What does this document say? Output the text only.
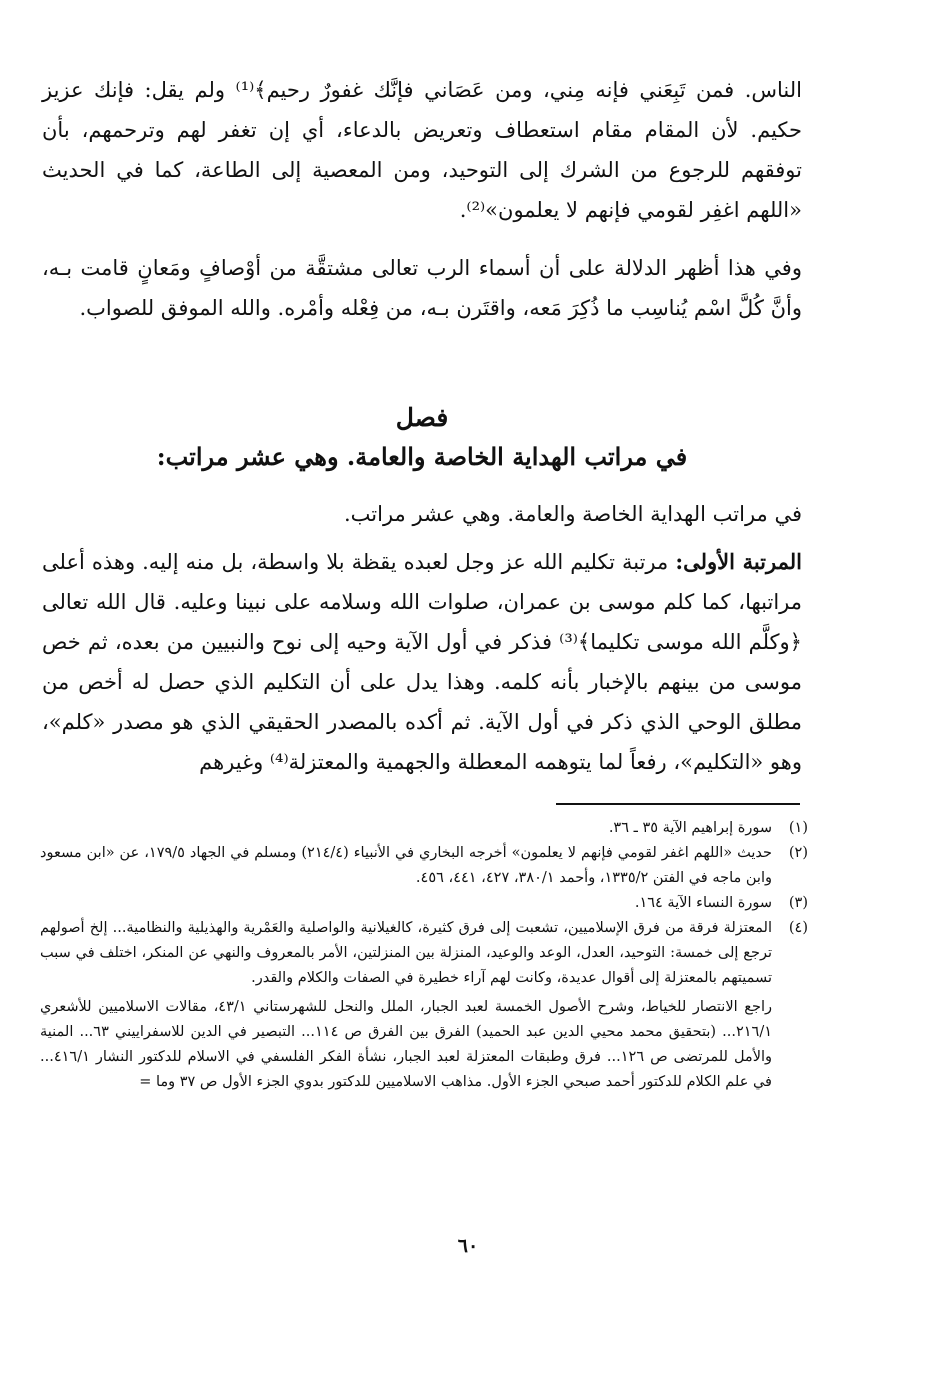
الناس. فمن تَبِعَني فإنه مِني، ومن عَصَاني فإنَّك غفورٌ رحيم﴾⁽¹⁾ ولم يقل: فإنك عزيز حكيم. لأن المقام مقام استعطاف وتعريض بالدعاء، أي إن تغفر لهم وترحمهم، بأن توفقهم للرجوع من الشرك إلى التوحيد، ومن المعصية إلى الطاعة، كما في الحديث «اللهم اغفِر لقومي فإنهم لا يعلمون»⁽²⁾.

وفي هذا أظهر الدلالة على أن أسماء الرب تعالى مشتقَّة من أوْصافٍ ومَعانٍ قامت بـه، وأنَّ كُلَّ اسْم يُناسِب ما ذُكِرَ مَعه، واقتَرن بـه، من فِعْله وأمْره. والله الموفق للصواب.

فصل

في مراتب الهداية الخاصة والعامة. وهي عشر مراتب:

في مراتب الهداية الخاصة والعامة. وهي عشر مراتب.

المرتبة الأولى: مرتبة تكليم الله عز وجل لعبده يقظة بلا واسطة، بل منه إليه. وهذه أعلى مراتبها، كما كلم موسى بن عمران، صلوات الله وسلامه على نبينا وعليه. قال الله تعالى ﴿وكلَّم الله موسى تكليما﴾⁽³⁾ فذكر في أول الآية وحيه إلى نوح والنبيين من بعده، ثم خص موسى من بينهم بالإخبار بأنه كلمه. وهذا يدل على أن التكليم الذي حصل له أخص من مطلق الوحي الذي ذكر في أول الآية. ثم أكده بالمصدر الحقيقي الذي هو مصدر «كلم»، وهو «التكليم»، رفعاً لما يتوهمه المعطلة والجهمية والمعتزلة⁽⁴⁾ وغيرهم

(١)
سورة إبراهيم الآية ٣٥ ـ ٣٦.

(٢)
حديث «اللهم اغفر لقومي فإنهم لا يعلمون» أخرجه البخاري في الأنبياء (٢١٤/٤) ومسلم في الجهاد ١٧٩/٥، عن «ابن مسعود وابن ماجه في الفتن ١٣٣٥/٢، وأحمد ٣٨٠/١، ٤٢٧، ٤٤١، ٤٥٦.

(٣)
سورة النساء الآية ١٦٤.

(٤)
المعتزلة فرقة من فرق الإسلاميين، تشعبت إلى فرق كثيرة، كالغيلانية والواصلية والعَمْرية والهذيلية والنظامية... إلخ أصولهم ترجع إلى خمسة: التوحيد، العدل، الوعد والوعيد، المنزلة بين المنزلتين، الأمر بالمعروف والنهي عن المنكر، اختلف في سبب تسميتهم بالمعتزلة إلى أقوال عديدة، وكانت لهم آراء خطيرة في الصفات والكلام والقدر.

راجع الانتصار للخياط، وشرح الأصول الخمسة لعبد الجبار، الملل والنحل للشهرستاني ٤٣/١، مقالات الاسلاميين للأشعري ٢١٦/١... (بتحقيق محمد محيي الدين عبد الحميد) الفرق بين الفرق ص ١١٤... التبصير في الدين للاسفراييني ٦٣... المنية والأمل للمرتضى ص ١٢٦... فرق وطبقات المعتزلة لعبد الجبار، نشأة الفكر الفلسفي في الاسلام للدكتور النشار ٤١٦/١... في علم الكلام للدكتور أحمد صبحي الجزء الأول. مذاهب الاسلاميين للدكتور بدوي الجزء الأول ص ٣٧ وما =

٦٠
